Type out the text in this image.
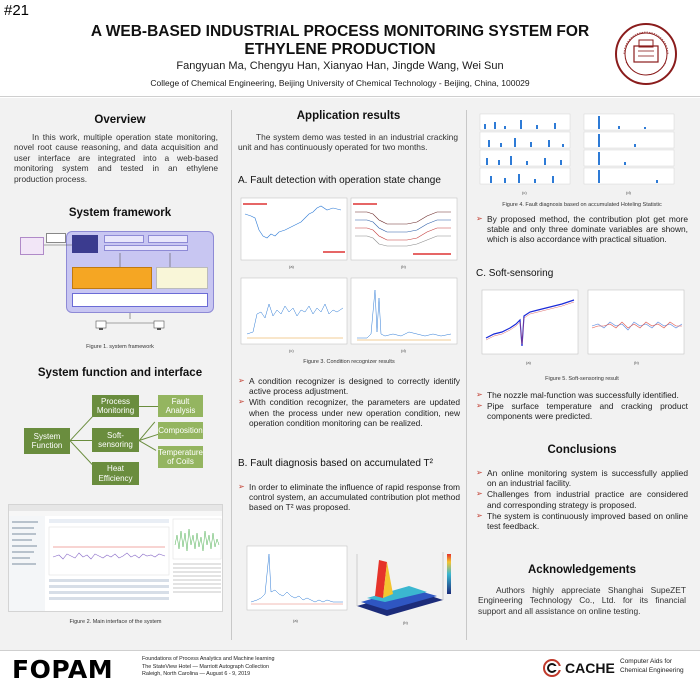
#21
A WEB-BASED INDUSTRIAL PROCESS MONITORING SYSTEM FOR
ETHYLENE PRODUCTION
Fangyuan Ma, Chengyu Han, Xianyao Han, Jingde Wang, Wei Sun
College of Chemical Engineering, Beijing University of Chemical Technology - Beijing, China, 100029
Overview
In this work, multiple operation state monitoring, novel root cause reasoning, and data acquisition and user interface are integrated into a web-based monitoring system and tested in an ethylene production process.
System framework
Figure 1. system framework
System function and interface
System Function
Process Monitoring
Soft-sensoring
Heat Efficiency
Fault Analysis
Composition
Temperature of Coils
Figure 2. Main interface of the system
Application results
The system demo was tested in an industrial cracking unit and has continuously operated for two months.
A. Fault detection with operation state change
(a)	(b)
(c)	(d)
Figure 3. Condition recognizer results
➢ A condition recognizer is designed to correctly identify active process adjustment.
➢ With condition recognizer, the parameters are updated when the process under new operation condition, new operation condition monitoring can be realized.
B. Fault diagnosis based on accumulated T²
➢ In order to eliminate the influence of rapid response from control system, an accumulated contribution plot method based on T² was proposed.
(a)	(b)
(c)	(d)
Figure 4. Fault diagnosis based on accumulated Hoteling Statistic
➢ By proposed method, the contribution plot get more stable and only three dominate variables are shown, which is also accordance with practical situation.
C. Soft-sensoring
(a)	(b)
Figure 5. Soft-sensoring result
➢ The nozzle mal-function was successfully identified.
➢ Pipe surface temperature and cracking product components were predicted.
Conclusions
➢ An online monitoring system is successfully applied on an industrial facility.
➢ Challenges from industrial practice are considered and corresponding strategy is proposed.
➢ The system is continuously improved based on online test feedback.
Acknowledgements
Authors highly appreciate Shanghai SupeZET Engineering Technology Co., Ltd. for its financial support and all assistance on online testing.
FOPAM	Foundations of Process Analytics and Machine learning
The StateView Hotel — Marriott Autograph Collection
Raleigh, North Carolina — August 6 - 9, 2019	CACHE Computer Aids for
Chemical Engineering
